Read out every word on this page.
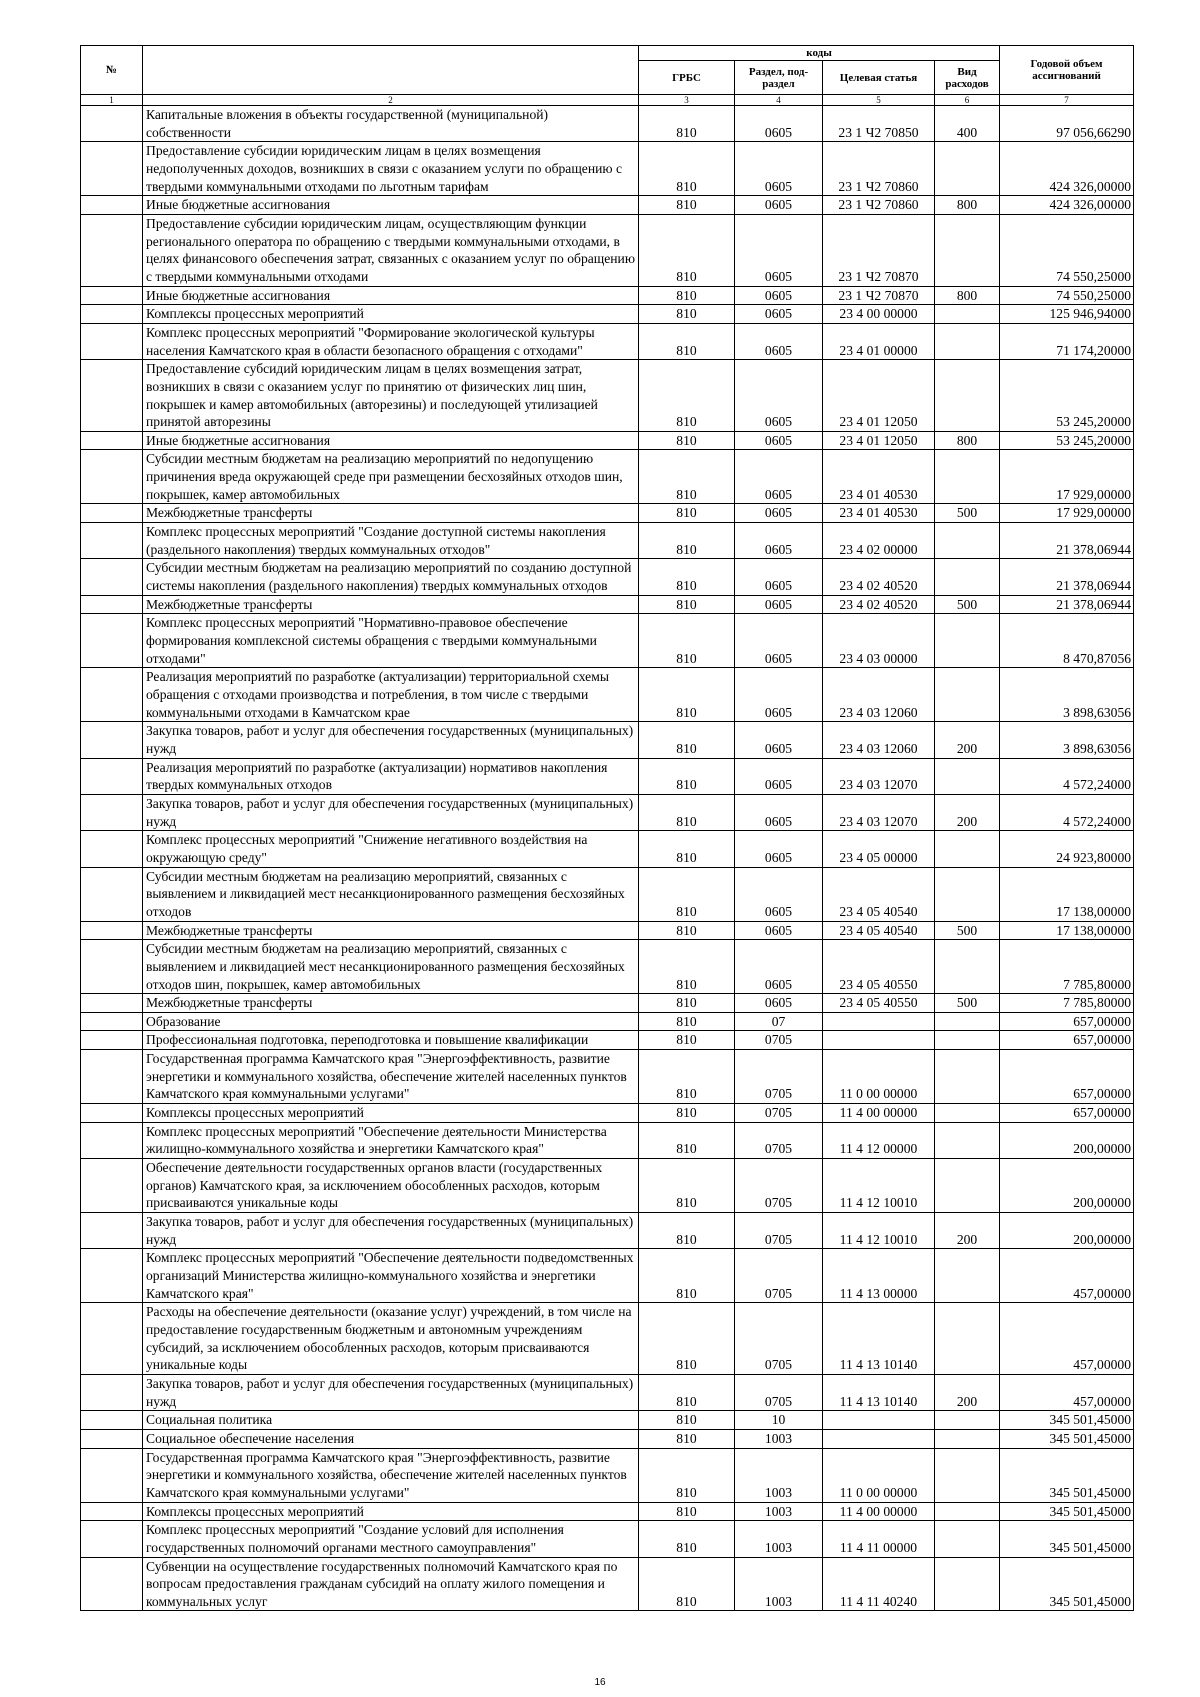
№		коды				Годовой объем ассигнований
		ГРБС	Раздел, под-раздел	Целевая статья	Вид расходов	
1	2	3	4	5	6	7
	Капитальные вложения в объекты государственной (муниципальной) собственности	810	0605	23 1 Ч2 70850	400	97 056,66290
	Предоставление субсидии юридическим лицам в целях возмещения недополученных доходов, возникших в связи с оказанием услуги по обращению с твердыми коммунальными отходами по льготным тарифам	810	0605	23 1 Ч2 70860		424 326,00000
	Иные бюджетные ассигнования	810	0605	23 1 Ч2 70860	800	424 326,00000
	Предоставление субсидии юридическим лицам, осуществляющим функции регионального оператора по обращению с твердыми коммунальными отходами, в целях финансового обеспечения затрат, связанных с оказанием услуг по обращению с твердыми коммунальными отходами	810	0605	23 1 Ч2 70870		74 550,25000
	Иные бюджетные ассигнования	810	0605	23 1 Ч2 70870	800	74 550,25000
	Комплексы процессных мероприятий	810	0605	23 4 00 00000		125 946,94000
	Комплекс процессных мероприятий "Формирование экологической культуры населения Камчатского края в области безопасного обращения с отходами"	810	0605	23 4 01 00000		71 174,20000
	Предоставление субсидий юридическим лицам в целях возмещения затрат, возникших в связи с оказанием услуг по принятию от физических лиц шин, покрышек и камер автомобильных (авторезины) и последующей утилизацией принятой авторезины	810	0605	23 4 01 12050		53 245,20000
	Иные бюджетные ассигнования	810	0605	23 4 01 12050	800	53 245,20000
	Субсидии местным бюджетам на реализацию мероприятий по недопущению причинения вреда окружающей среде при размещении бесхозяйных отходов шин, покрышек, камер автомобильных	810	0605	23 4 01 40530		17 929,00000
	Межбюджетные трансферты	810	0605	23 4 01 40530	500	17 929,00000
	Комплекс процессных мероприятий "Создание доступной системы накопления (раздельного накопления) твердых коммунальных отходов"	810	0605	23 4 02 00000		21 378,06944
	Субсидии местным бюджетам на реализацию мероприятий по созданию доступной системы накопления (раздельного накопления) твердых коммунальных отходов	810	0605	23 4 02 40520		21 378,06944
	Межбюджетные трансферты	810	0605	23 4 02 40520	500	21 378,06944
	Комплекс процессных мероприятий "Нормативно-правовое обеспечение формирования комплексной системы обращения с твердыми коммунальными отходами"	810	0605	23 4 03 00000		8 470,87056
	Реализация мероприятий по разработке (актуализации) территориальной схемы обращения с отходами производства и потребления, в том числе с твердыми коммунальными отходами в Камчатском крае	810	0605	23 4 03 12060		3 898,63056
	Закупка товаров, работ и услуг для обеспечения государственных (муниципальных) нужд	810	0605	23 4 03 12060	200	3 898,63056
	Реализация мероприятий по разработке (актуализации) нормативов накопления твердых коммунальных отходов	810	0605	23 4 03 12070		4 572,24000
	Закупка товаров, работ и услуг для обеспечения государственных (муниципальных) нужд	810	0605	23 4 03 12070	200	4 572,24000
	Комплекс процессных мероприятий "Снижение негативного воздействия на окружающую среду"	810	0605	23 4 05 00000		24 923,80000
	Субсидии местным бюджетам на реализацию мероприятий, связанных с выявлением и ликвидацией мест несанкционированного размещения бесхозяйных отходов	810	0605	23 4 05 40540		17 138,00000
	Межбюджетные трансферты	810	0605	23 4 05 40540	500	17 138,00000
	Субсидии местным бюджетам на реализацию мероприятий, связанных с выявлением и ликвидацией мест несанкционированного размещения бесхозяйных отходов шин, покрышек, камер автомобильных	810	0605	23 4 05 40550		7 785,80000
	Межбюджетные трансферты	810	0605	23 4 05 40550	500	7 785,80000
	Образование	810	07			657,00000
	Профессиональная подготовка, переподготовка и повышение квалификации	810	0705			657,00000
	Государственная программа Камчатского края "Энергоэффективность, развитие энергетики и коммунального хозяйства, обеспечение жителей населенных пунктов Камчатского края коммунальными услугами"	810	0705	11 0 00 00000		657,00000
	Комплексы процессных мероприятий	810	0705	11 4 00 00000		657,00000
	Комплекс процессных мероприятий "Обеспечение деятельности Министерства жилищно-коммунального хозяйства и энергетики Камчатского края"	810	0705	11 4 12 00000		200,00000
	Обеспечение деятельности государственных органов власти (государственных органов) Камчатского края, за исключением обособленных расходов, которым присваиваются уникальные коды	810	0705	11 4 12 10010		200,00000
	Закупка товаров, работ и услуг для обеспечения государственных (муниципальных) нужд	810	0705	11 4 12 10010	200	200,00000
	Комплекс процессных мероприятий "Обеспечение деятельности подведомственных организаций Министерства жилищно-коммунального хозяйства и энергетики Камчатского края"	810	0705	11 4 13 00000		457,00000
	Расходы на обеспечение деятельности (оказание услуг) учреждений, в том числе на предоставление государственным бюджетным и автономным учреждениям субсидий, за исключением обособленных расходов, которым присваиваются уникальные коды	810	0705	11 4 13 10140		457,00000
	Закупка товаров, работ и услуг для обеспечения государственных (муниципальных) нужд	810	0705	11 4 13 10140	200	457,00000
	Социальная политика	810	10			345 501,45000
	Социальное обеспечение населения	810	1003			345 501,45000
	Государственная программа Камчатского края "Энергоэффективность, развитие энергетики и коммунального хозяйства, обеспечение жителей населенных пунктов Камчатского края коммунальными услугами"	810	1003	11 0 00 00000		345 501,45000
	Комплексы процессных мероприятий	810	1003	11 4 00 00000		345 501,45000
	Комплекс процессных мероприятий "Создание условий для исполнения государственных полномочий органами местного самоуправления"	810	1003	11 4 11 00000		345 501,45000
	Субвенции на осуществление государственных полномочий Камчатского края по вопросам предоставления гражданам субсидий на оплату жилого помещения и коммунальных услуг	810	1003	11 4 11 40240		345 501,45000
16
